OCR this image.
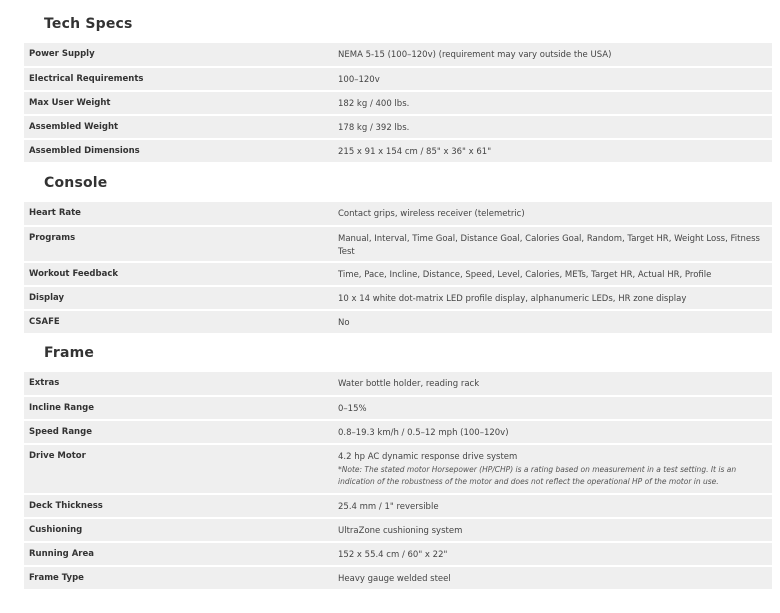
Tech Specs
Power Supply	NEMA 5-15 (100–120v) (requirement may vary outside the USA)

Electrical Requirements	100–120v

Max User Weight	182 kg / 400 lbs.

Assembled Weight	178 kg / 392 lbs.

Assembled Dimensions	215 x 91 x 154 cm / 85" x 36" x 61"
Console
Heart Rate	Contact grips, wireless receiver (telemetric)

Programs	Manual, Interval, Time Goal, Distance Goal, Calories Goal, Random, Target HR, Weight Loss, Fitness Test

Workout Feedback	Time, Pace, Incline, Distance, Speed, Level, Calories, METs, Target HR, Actual HR, Profile

Display	10 x 14 white dot-matrix LED profile display, alphanumeric LEDs, HR zone display

CSAFE	No
Frame
Extras	Water bottle holder, reading rack

Incline Range	0–15%

Speed Range	0.8–19.3 km/h / 0.5–12 mph (100–120v)

Drive Motor	4.2 hp AC dynamic response drive system
*Note: The stated motor Horsepower (HP/CHP) is a rating based on measurement in a test setting. It is an indication of the robustness of the motor and does not reflect the operational HP of the motor in use.

Deck Thickness	25.4 mm / 1" reversible

Cushioning	UltraZone cushioning system

Running Area	152 x 55.4 cm / 60" x 22"

Frame Type	Heavy gauge welded steel
